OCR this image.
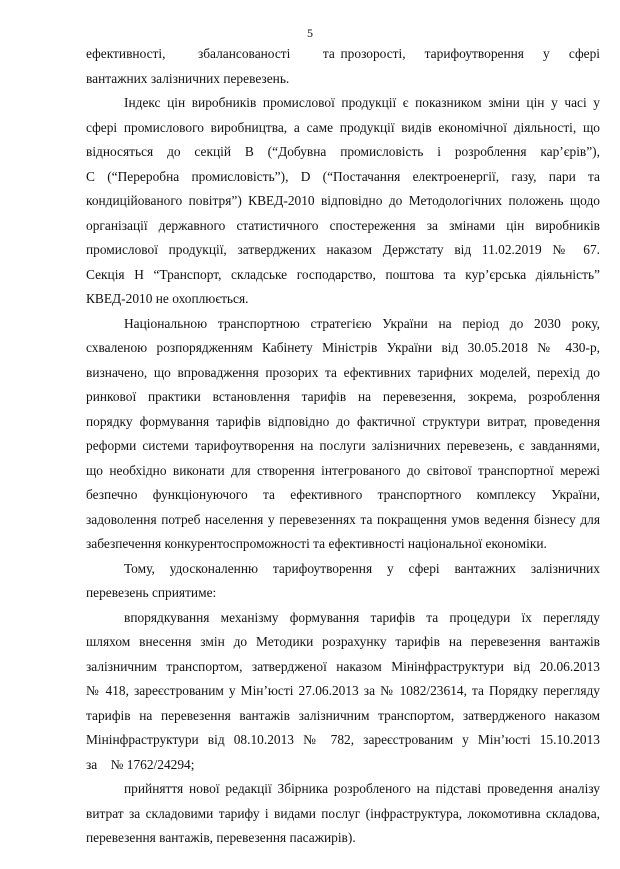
5
ефективності,   збалансованості   та прозорості,  тарифоутворення  у  сфері
вантажних залізничних перевезень.
Індекс цін виробників промислової продукції є показником зміни цін у часі у
сфері промислового виробництва, а саме продукції видів економічної діяльності, що
відносяться до секцій B (“Добувна промисловість і розроблення кар’єрів”),
C (“Переробна промисловість”), D (“Постачання електроенергії, газу, пари та
кондиційованого повітря”) КВЕД-2010 відповідно до Методологічних положень щодо
організації державного статистичного спостереження за змінами цін виробників
промислової продукції, затверджених наказом Держстату від 11.02.2019 № 67.
Секція H “Транспорт, складське господарство, поштова та кур’єрська діяльність”
КВЕД-2010 не охоплюється.
Національною транспортною стратегією України на період до 2030 року,
схваленою розпорядженням Кабінету Міністрів України від 30.05.2018 № 430-р,
визначено, що впровадження прозорих та ефективних тарифних моделей, перехід до
ринкової практики встановлення тарифів на перевезення, зокрема, розроблення
порядку формування тарифів відповідно до фактичної структури витрат, проведення
реформи системи тарифоутворення на послуги залізничних перевезень, є завданнями,
що необхідно виконати для створення інтегрованого до світової транспортної мережі
безпечно функціонуючого та ефективного транспортного комплексу України,
задоволення потреб населення у перевезеннях та покращення умов ведення бізнесу для
забезпечення конкурентоспроможності та ефективності національної економіки.
Тому, удосконаленню тарифоутворення у сфері вантажних залізничних
перевезень сприятиме:
впорядкування механізму формування тарифів та процедури їх перегляду
шляхом внесення змін до Методики розрахунку тарифів на перевезення вантажів
залізничним транспортом, затвердженої наказом Мінінфраструктури від 20.06.2013
№ 418, зареєстрованим у Мін’юсті 27.06.2013 за № 1082/23614, та Порядку перегляду
тарифів на перевезення вантажів залізничним транспортом, затвердженого наказом
Мінінфраструктури від 08.10.2013 № 782, зареєстрованим у Мін’юсті 15.10.2013
за № 1762/24294;
прийняття нової редакції Збірника розробленого на підставі проведення аналізу
витрат за складовими тарифу і видами послуг (інфраструктура, локомотивна складова,
перевезення вантажів, перевезення пасажирів).
